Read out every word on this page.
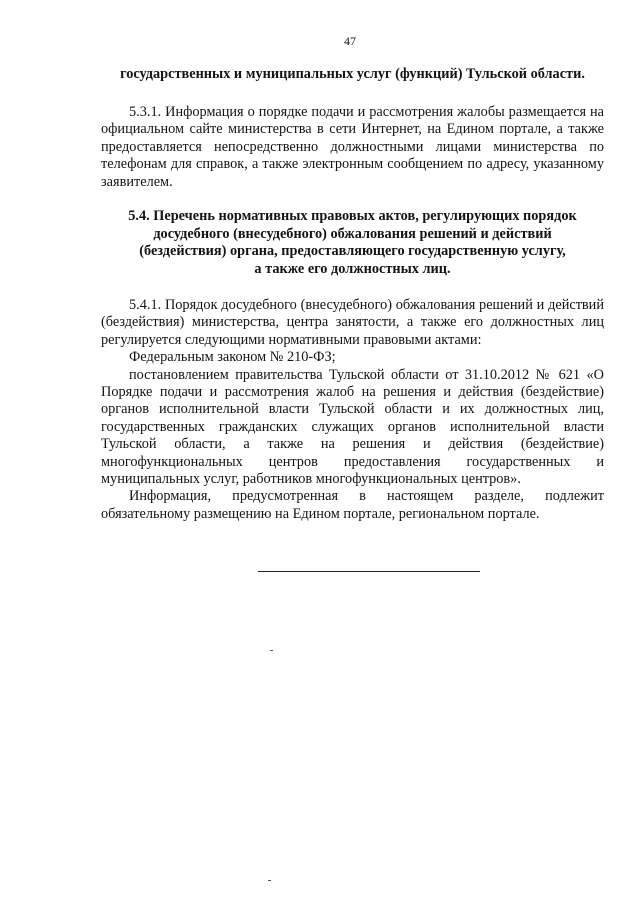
47
государственных и муниципальных услуг (функций) Тульской области.

5.3.1. Информация о порядке подачи и рассмотрения жалобы размещается на официальном сайте министерства в сети Интернет, на Едином портале, а также предоставляется непосредственно должностными лицами министерства по телефонам для справок, а также электронным сообщением по адресу, указанному заявителем.

5.4. Перечень нормативных правовых актов, регулирующих порядок
досудебного (внесудебного) обжалования решений и действий
(бездействия) органа, предоставляющего государственную услугу,
а также его должностных лиц.

5.4.1. Порядок досудебного (внесудебного) обжалования решений и действий (бездействия) министерства, центра занятости, а также его должностных лиц регулируется следующими нормативными правовыми актами:

Федеральным законом № 210-ФЗ;

постановлением правительства Тульской области от 31.10.2012 № 621 «О Порядке подачи и рассмотрения жалоб на решения и действия (бездействие) органов исполнительной власти Тульской области и их должностных лиц, государственных гражданских служащих органов исполнительной власти Тульской области, а также на решения и действия (бездействие) многофункциональных центров предоставления государственных и муниципальных услуг, работников многофункциональных центров».

Информация, предусмотренная в настоящем разделе, подлежит обязательному размещению на Едином портале, региональном портале.
